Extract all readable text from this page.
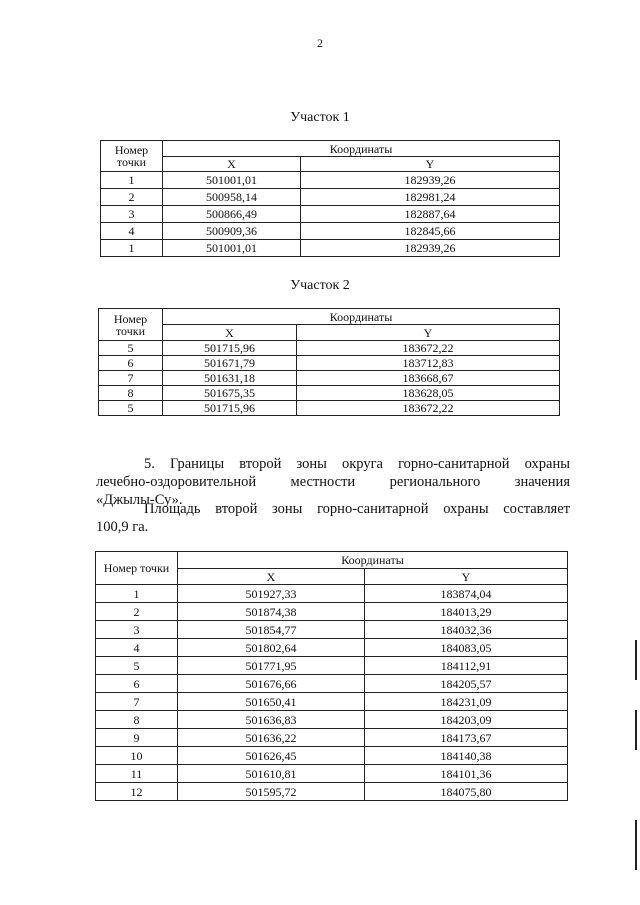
2
Участок 1
Номер точки	Координаты	
	X	Y
1	501001,01	182939,26
2	500958,14	182981,24
3	500866,49	182887,64
4	500909,36	182845,66
1	501001,01	182939,26
Участок 2
Номер точки	Координаты	
	X	Y
5	501715,96	183672,22
6	501671,79	183712,83
7	501631,18	183668,67
8	501675,35	183628,05
5	501715,96	183672,22
5. Границы второй зоны округа горно-санитарной охраны
лечебно-оздоровительной местности регионального значения
«Джылы-Су».
Площадь второй зоны горно-санитарной охраны составляет
100,9 га.
Номер точки	Координаты	
	X	Y
1	501927,33	183874,04
2	501874,38	184013,29
3	501854,77	184032,36
4	501802,64	184083,05
5	501771,95	184112,91
6	501676,66	184205,57
7	501650,41	184231,09
8	501636,83	184203,09
9	501636,22	184173,67
10	501626,45	184140,38
11	501610,81	184101,36
12	501595,72	184075,80
